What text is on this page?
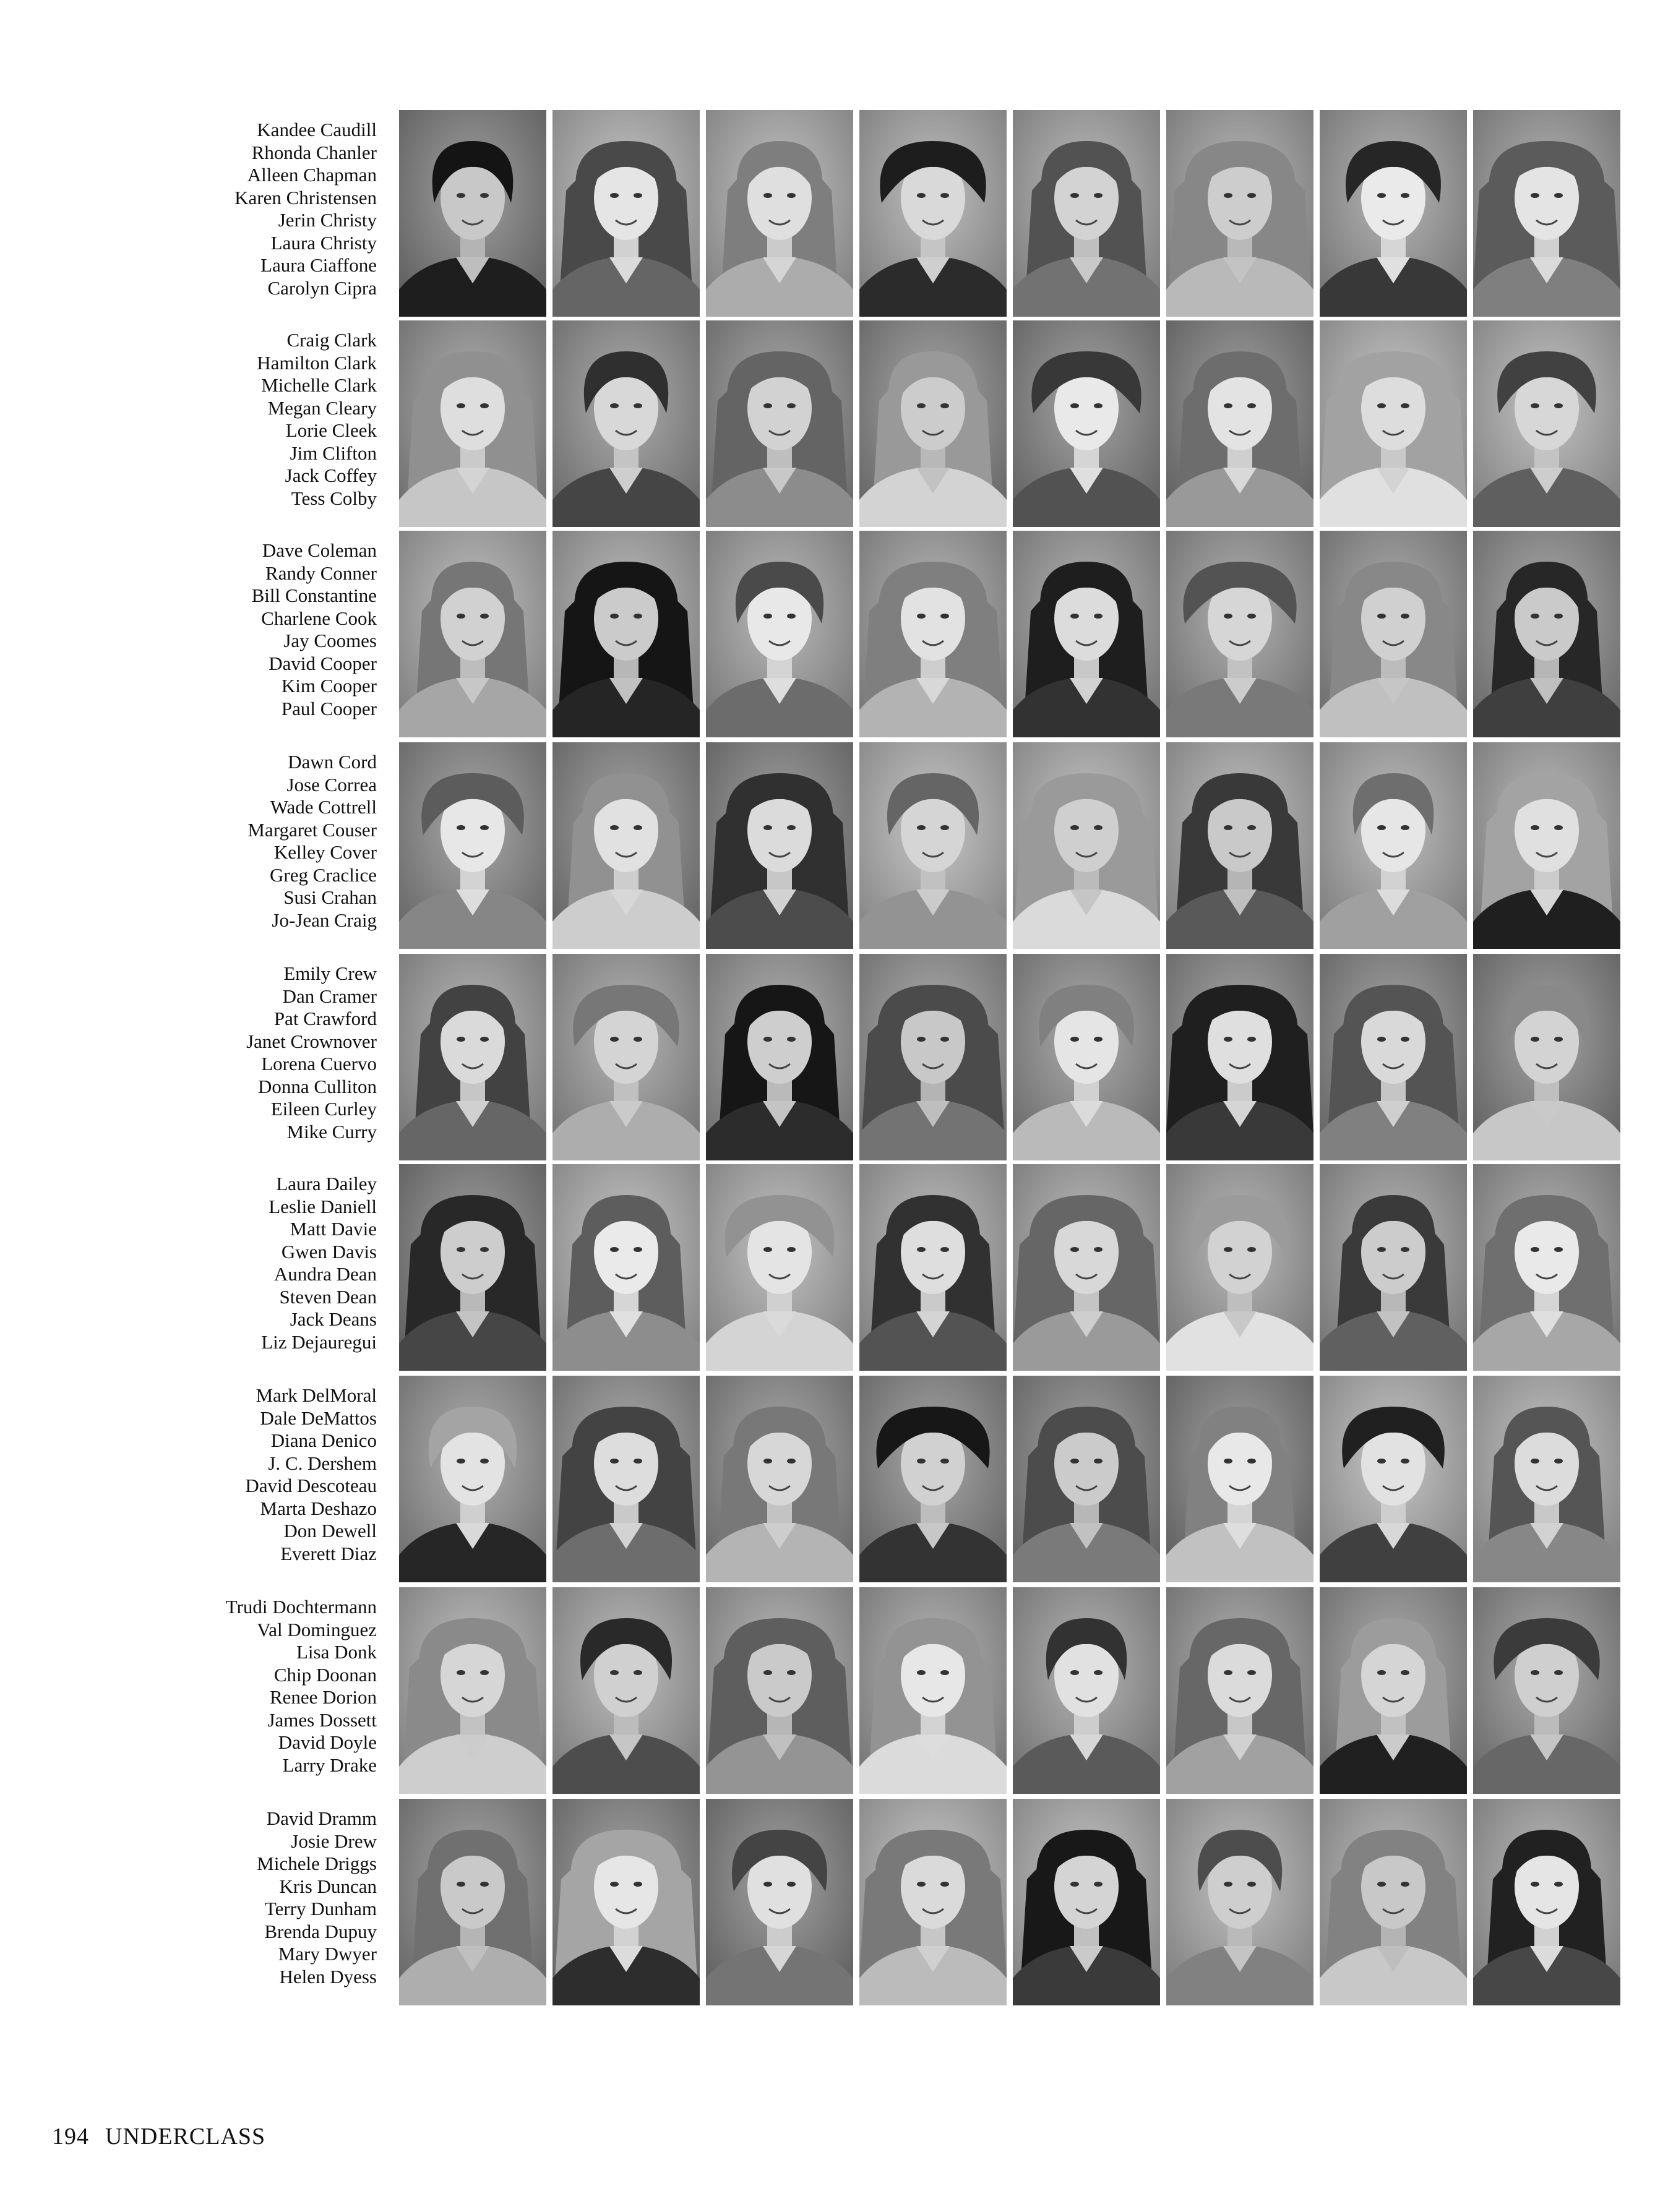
Kandee Caudill
Rhonda Chanler
Alleen Chapman
Karen Christensen
Jerin Christy
Laura Christy
Laura Ciaffone
Carolyn Cipra
Craig Clark
Hamilton Clark
Michelle Clark
Megan Cleary
Lorie Cleek
Jim Clifton
Jack Coffey
Tess Colby
Dave Coleman
Randy Conner
Bill Constantine
Charlene Cook
Jay Coomes
David Cooper
Kim Cooper
Paul Cooper
Dawn Cord
Jose Correa
Wade Cottrell
Margaret Couser
Kelley Cover
Greg Craclice
Susi Crahan
Jo-Jean Craig
Emily Crew
Dan Cramer
Pat Crawford
Janet Crownover
Lorena Cuervo
Donna Culliton
Eileen Curley
Mike Curry
Laura Dailey
Leslie Daniell
Matt Davie
Gwen Davis
Aundra Dean
Steven Dean
Jack Deans
Liz Dejauregui
Mark DelMoral
Dale DeMattos
Diana Denico
J. C. Dershem
David Descoteau
Marta Deshazo
Don Dewell
Everett Diaz
Trudi Dochtermann
Val Dominguez
Lisa Donk
Chip Doonan
Renee Dorion
James Dossett
David Doyle
Larry Drake
David Dramm
Josie Drew
Michele Driggs
Kris Duncan
Terry Dunham
Brenda Dupuy
Mary Dwyer
Helen Dyess
194 UNDERCLASS
